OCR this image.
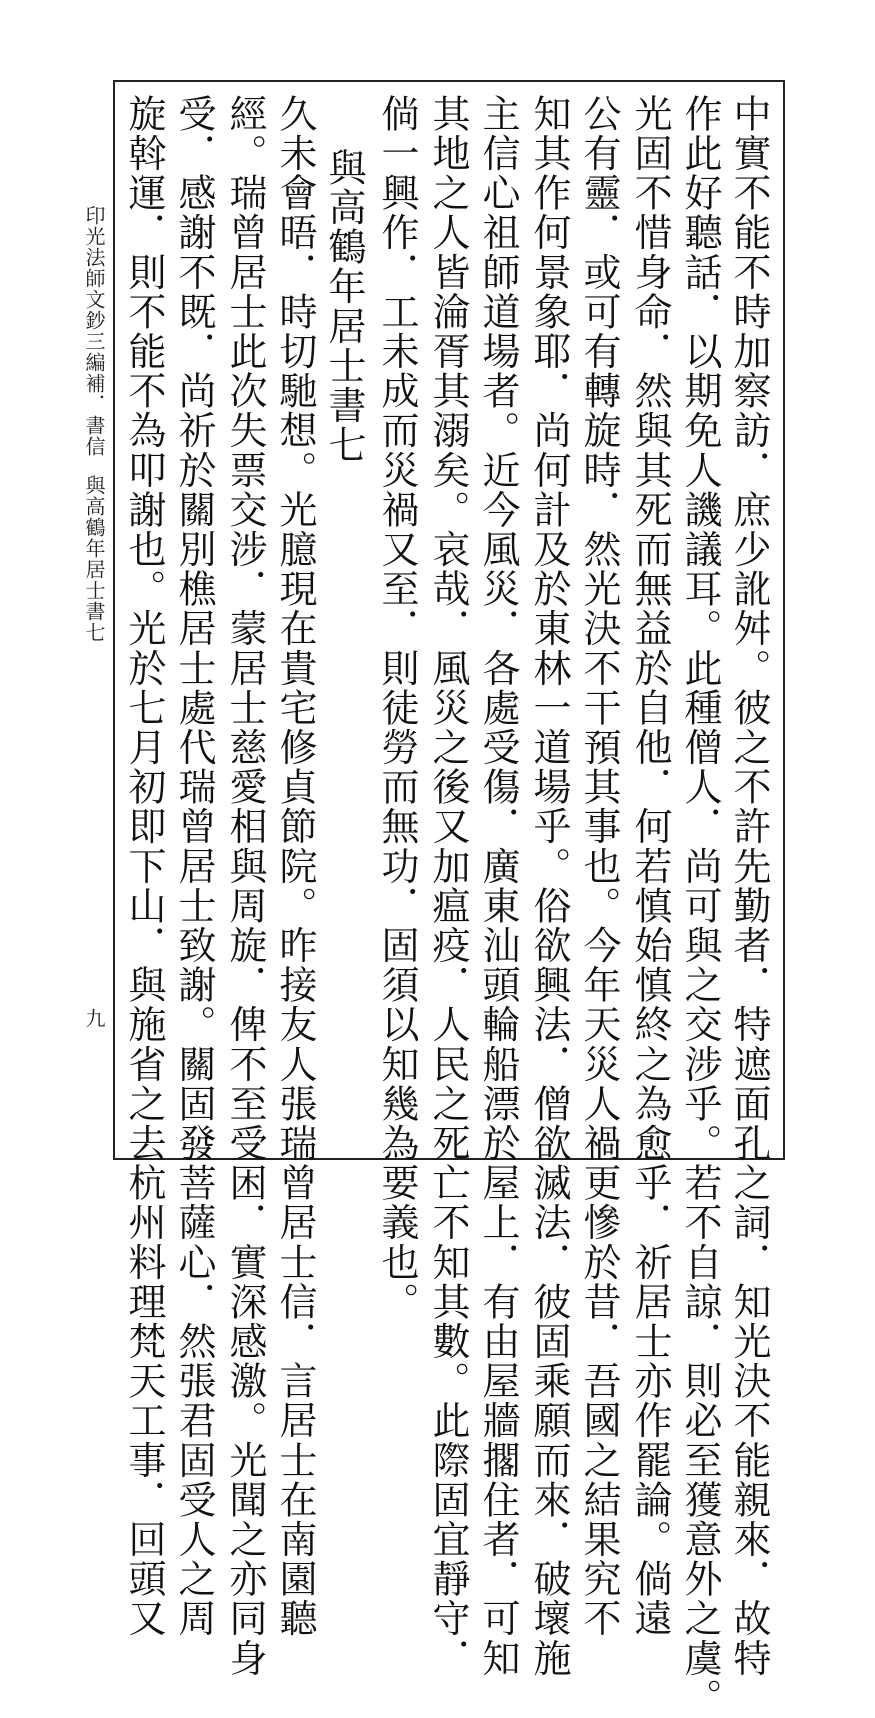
印光法師文鈔三編補．書信
與高鶴年居士書七
九	中實不能不時加察訪．庶少訛舛。彼之不許先勤者．特遮面孔之詞．知光決不能親來．故特
作此好聽話．以期免人譏議耳。此種僧人．尚可與之交涉乎。若不自諒．則必至獲意外之虞。
光固不惜身命．然與其死而無益於自他．何若慎始慎終之為愈乎．祈居士亦作罷論。倘遠
公有靈．或可有轉旋時．然光決不干預其事也。今年天災人禍更慘於昔．吾國之結果究不
知其作何景象耶．尚何計及於東林一道場乎。俗欲興法．僧欲滅法．彼固乘願而來．破壞施
主信心祖師道場者。近今風災．各處受傷．廣東汕頭輪船漂於屋上．有由屋牆擱住者．可知
其地之人皆淪胥其溺矣。哀哉．風災之後又加瘟疫．人民之死亡不知其數。此際固宜靜守．
倘一興作．工未成而災禍又至．則徒勞而無功．固須以知幾為要義也。
與高鶴年居士書七
久未會晤．時切馳想。光臆現在貴宅修貞節院。昨接友人張瑞曾居士信．言居士在南園聽
經。瑞曾居士此次失票交涉．蒙居士慈愛相與周旋．俾不至受困．實深感激。光聞之亦同身
受．感謝不既．尚祈於關別樵居士處代瑞曾居士致謝。關固發菩薩心．然張君固受人之周
旋斡運．則不能不為叩謝也。光於七月初即下山．與施省之去杭州料理梵天工事．回頭又
